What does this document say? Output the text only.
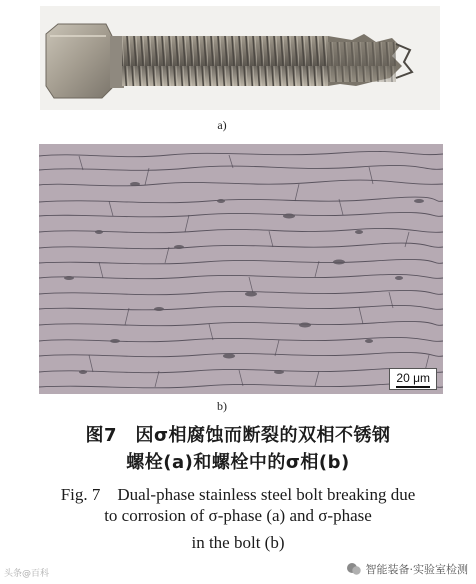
a)
20 μm
b)
图7　因σ相腐蚀而断裂的双相不锈钢
螺栓(a)和螺栓中的σ相(b)
Fig. 7　Dual-phase stainless steel bolt breaking due
to corrosion of σ-phase (a) and σ-phase
in the bolt (b)
头条@百科	智能装备·实验室检测
